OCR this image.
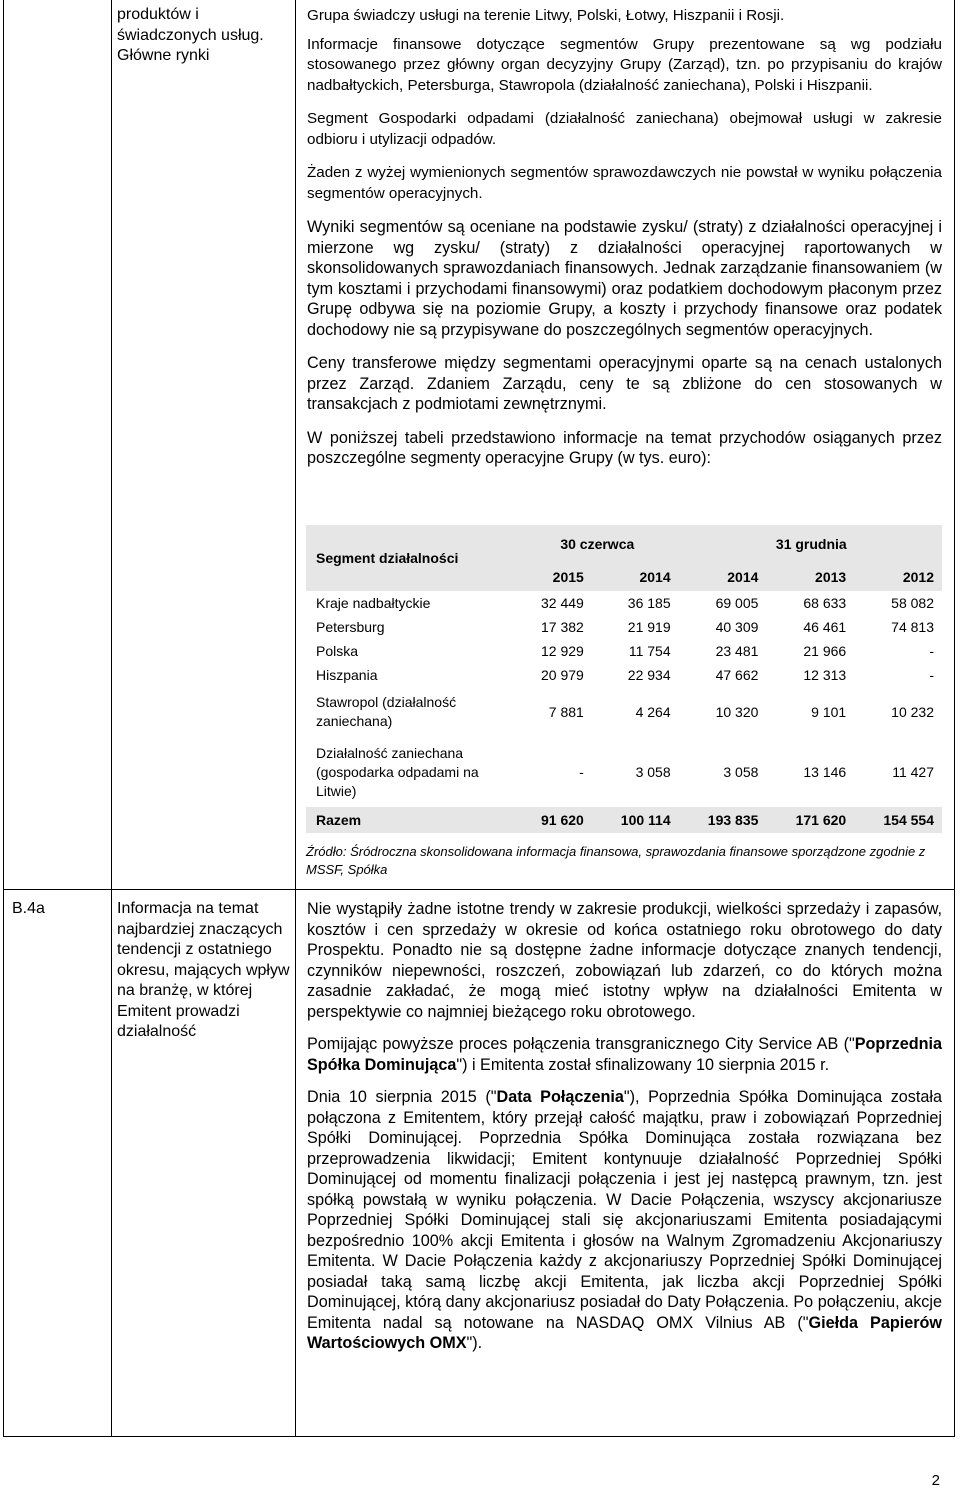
produktów i świadczonych usług. Główne rynki

Grupa świadczy usługi na terenie Litwy, Polski, Łotwy, Hiszpanii i Rosji.

Informacje finansowe dotyczące segmentów Grupy prezentowane są wg podziału stosowanego przez główny organ decyzyjny Grupy (Zarząd), tzn. po przypisaniu do krajów nadbałtyckich, Petersburga, Stawropola (działalność zaniechana), Polski i Hiszpanii.

Segment Gospodarki odpadami (działalność zaniechana) obejmował usługi w zakresie odbioru i utylizacji odpadów.

Żaden z wyżej wymienionych segmentów sprawozdawczych nie powstał w wyniku połączenia segmentów operacyjnych.

Wyniki segmentów są oceniane na podstawie zysku/ (straty) z działalności operacyjnej i mierzone wg zysku/ (straty) z działalności operacyjnej raportowanych w skonsolidowanych sprawozdaniach finansowych. Jednak zarządzanie finansowaniem (w tym kosztami i przychodami finansowymi) oraz podatkiem dochodowym płaconym przez Grupę odbywa się na poziomie Grupy, a koszty i przychody finansowe oraz podatek dochodowy nie są przypisywane do poszczególnych segmentów operacyjnych.

Ceny transferowe między segmentami operacyjnymi oparte są na cenach ustalonych przez Zarząd. Zdaniem Zarządu, ceny te są zbliżone do cen stosowanych w transakcjach z podmiotami zewnętrznymi.

W poniższej tabeli przedstawiono informacje na temat przychodów osiąganych przez poszczególne segmenty operacyjne Grupy (w tys. euro):

Segment działalności	30 czerwca		31 grudnia		
	2015	2014	2014	2013	2012
Kraje nadbałtyckie	32 449	36 185	69 005	68 633	58 082
Petersburg	17 382	21 919	40 309	46 461	74 813
Polska	12 929	11 754	23 481	21 966	-
Hiszpania	20 979	22 934	47 662	12 313	-
Stawropol (działalność zaniechana)	7 881	4 264	10 320	9 101	10 232
Działalność zaniechana (gospodarka odpadami na Litwie)	-	3 058	3 058	13 146	11 427
Razem	91 620	100 114	193 835	171 620	154 554
Źródło: Śródroczna skonsolidowana informacja finansowa, sprawozdania finansowe sporządzone zgodnie z MSSF, Spółka
B.4a	Informacja na temat najbardziej znaczących tendencji z ostatniego okresu, mających wpływ na branżę, w której Emitent prowadzi działalność

Nie wystąpiły żadne istotne trendy w zakresie produkcji, wielkości sprzedaży i zapasów, kosztów i cen sprzedaży w okresie od końca ostatniego roku obrotowego do daty Prospektu. Ponadto nie są dostępne żadne informacje dotyczące znanych tendencji, czynników niepewności, roszczeń, zobowiązań lub zdarzeń, co do których można zasadnie zakładać, że mogą mieć istotny wpływ na działalności Emitenta w perspektywie co najmniej bieżącego roku obrotowego.

Pomijając powyższe proces połączenia transgranicznego City Service AB ("Poprzednia Spółka Dominująca") i Emitenta został sfinalizowany 10 sierpnia 2015 r.

Dnia 10 sierpnia 2015 ("Data Połączenia"), Poprzednia Spółka Dominująca została połączona z Emitentem, który przejął całość majątku, praw i zobowiązań Poprzedniej Spółki Dominującej. Poprzednia Spółka Dominująca została rozwiązana bez przeprowadzenia likwidacji; Emitent kontynuuje działalność Poprzedniej Spółki Dominującej od momentu finalizacji połączenia i jest jej następcą prawnym, tzn. jest spółką powstałą w wyniku połączenia. W Dacie Połączenia, wszyscy akcjonariusze Poprzedniej Spółki Dominującej stali się akcjonariuszami Emitenta posiadającymi bezpośrednio 100% akcji Emitenta i głosów na Walnym Zgromadzeniu Akcjonariuszy Emitenta. W Dacie Połączenia każdy z akcjonariuszy Poprzedniej Spółki Dominującej posiadał taką samą liczbę akcji Emitenta, jak liczba akcji Poprzedniej Spółki Dominującej, którą dany akcjonariusz posiadał do Daty Połączenia. Po połączeniu, akcje Emitenta nadal są notowane na NASDAQ OMX Vilnius AB ("Giełda Papierów Wartościowych OMX").

2
